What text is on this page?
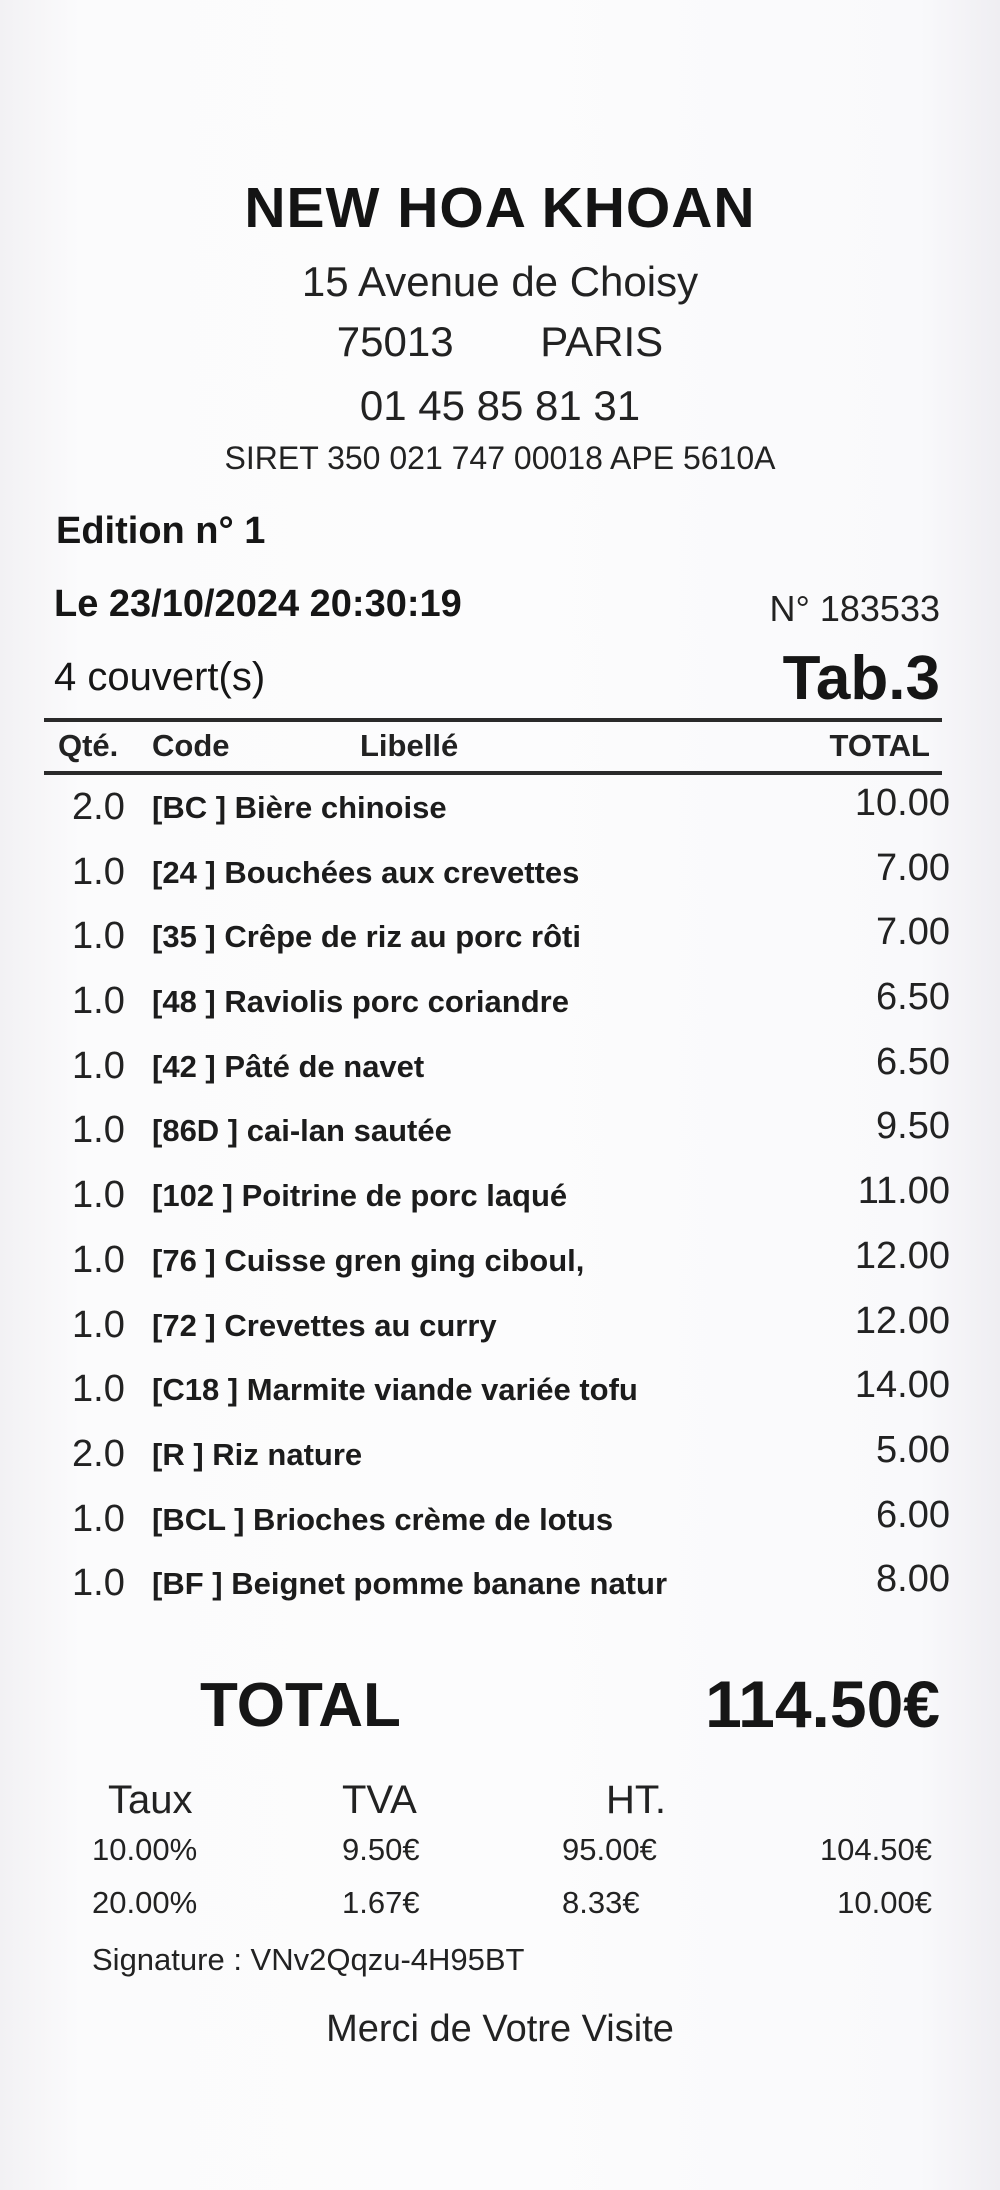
NEW HOA KHOAN
15 Avenue de Choisy
75013 PARIS
01 45 85 81 31
SIRET 350 021 747 00018 APE 5610A
Edition n° 1
Le 23/10/2024 20:30:19	N° 183533
4 couvert(s)	Tab.3
Qté. Code	Libellé	TOTAL
2.0 [BC ] Bière chinoise	10.00
1.0 [24 ] Bouchées aux crevettes	7.00
1.0 [35 ] Crêpe de riz au porc rôti	7.00
1.0 [48 ] Raviolis porc coriandre	6.50
1.0 [42 ] Pâté de navet	6.50
1.0 [86D ] cai-lan sautée	9.50
1.0 [102 ] Poitrine de porc laqué	11.00
1.0 [76 ] Cuisse gren ging ciboul,	12.00
1.0 [72 ] Crevettes au curry	12.00
1.0 [C18 ] Marmite viande variée tofu	14.00
2.0 [R ] Riz nature	5.00
1.0 [BCL ] Brioches crème de lotus	6.00
1.0 [BF ] Beignet pomme banane natur	8.00
TOTAL	114.50€
Taux	TVA	HT.
10.00%	9.50€	95.00€	104.50€
20.00%	1.67€	8.33€	10.00€
Signature : VNv2Qqzu-4H95BT
Merci de Votre Visite
